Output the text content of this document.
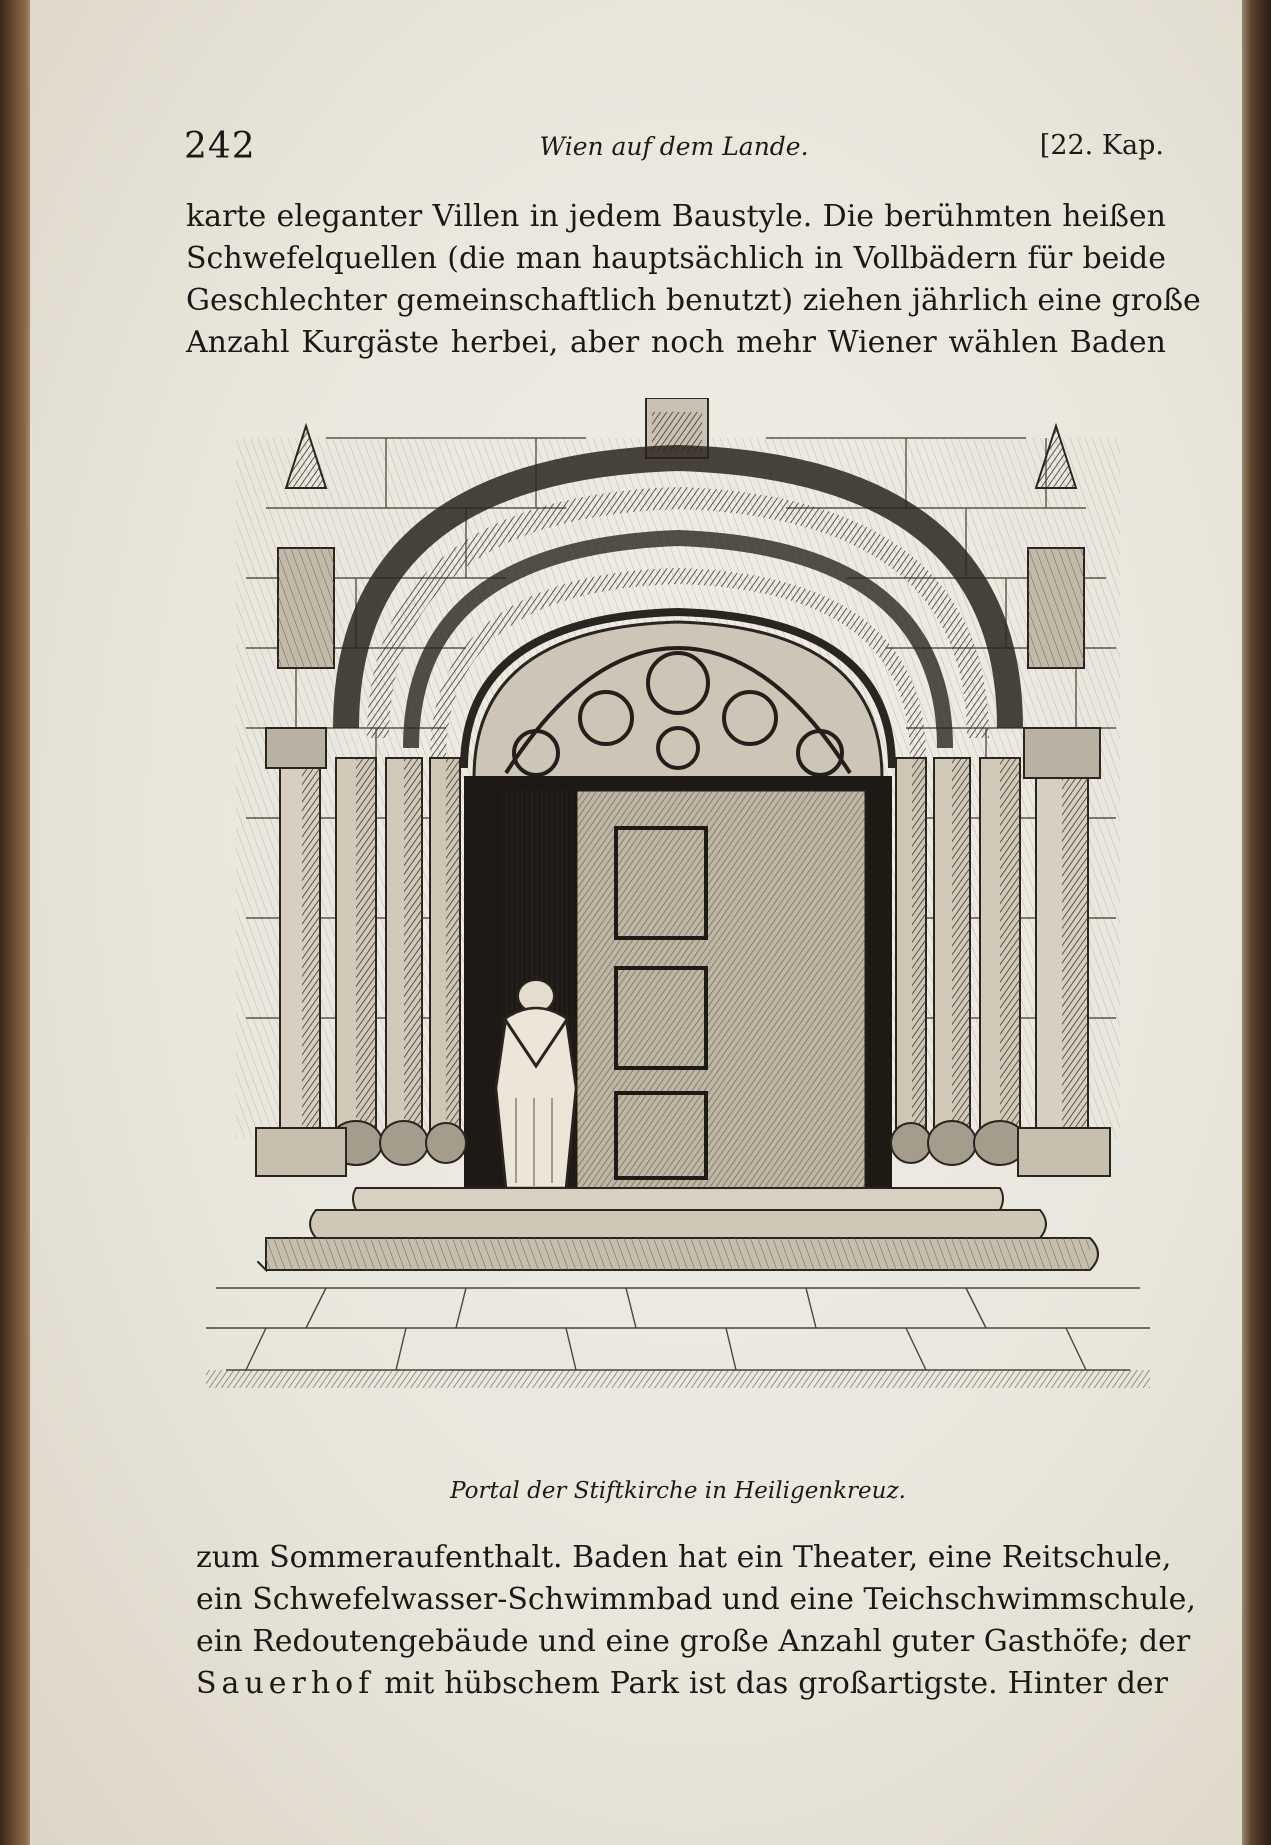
242	Wien auf dem Lande.	[22. Kap.
karte eleganter Villen in jedem Baustyle. Die berühmten heißen
Schwefelquellen (die man hauptsächlich in Vollbädern für beide
Geschlechter gemeinschaftlich benutzt) ziehen jährlich eine große
Anzahl Kurgäste herbei, aber noch mehr Wiener wählen Baden
Portal der Stiftkirche in Heiligenkreuz.
zum Sommeraufenthalt. Baden hat ein Theater, eine Reitschule,
ein Schwefelwasser-Schwimmbad und eine Teichschwimmschule,
ein Redoutengebäude und eine große Anzahl guter Gasthöfe; der
Sauerhof mit hübschem Park ist das großartigste. Hinter der
